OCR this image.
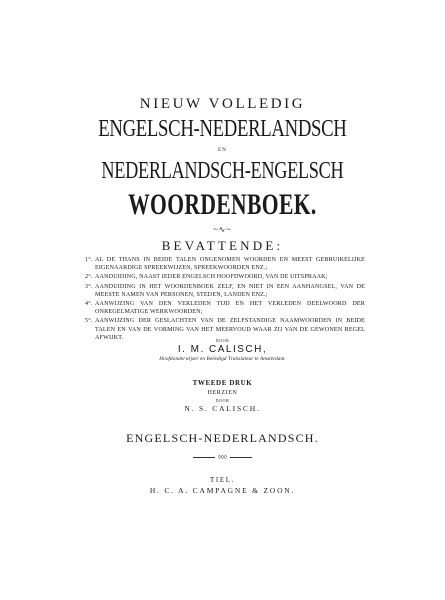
NIEUW VOLLEDIG
ENGELSCH-NEDERLANDSCH
EN
NEDERLANDSCH-ENGELSCH
WOORDENBOEK.
~∿~
BEVATTENDE:
1°. AL DE THANS IN BEIDE TALEN ONGENOMEN WOORDEN EN MEEST GEBRUIKELIJKE EIGENAARDIGE SPREEKWIJZEN, SPREEKWOORDEN ENZ.;
2°. AANDUIDING, NAAST IEDER ENGELSCH HOOFDWOORD, VAN DE UITSPRAAK;
3°. AANDUIDING IN HET WOORDENBOEK ZELF, EN NIET IN EEN AANHANGSEL, VAN DE MEESTE NAMEN VAN PERSONEN, STEDEN, LANDEN ENZ.;
4°. AANWIJZING VAN DEN VERLEDEN TIJD EN HET VERLEDEN DEELWOORD DER ONREGELMATIGE WERKWOORDEN;
5°. AANWIJZING DER GESLACHTEN VAN DE ZELFSTANDIGE NAAMWOORDEN IN BEIDE TALEN EN VAN DE VORMING VAN HET MEERVOUD WAAR ZIJ VAN DE GEWONEN REGEL AFWIJKT.	DOOR
I. M. CALISCH,
Hoofdonderwijzer en Beëedigd Translateur te Amsterdam.
TWEEDE DRUK
HERZIEN
DOOR
N. S. CALISCH.
ENGELSCH-NEDERLANDSCH.
◊◊◊
TIEL.
H. C. A. CAMPAGNE & ZOON.
